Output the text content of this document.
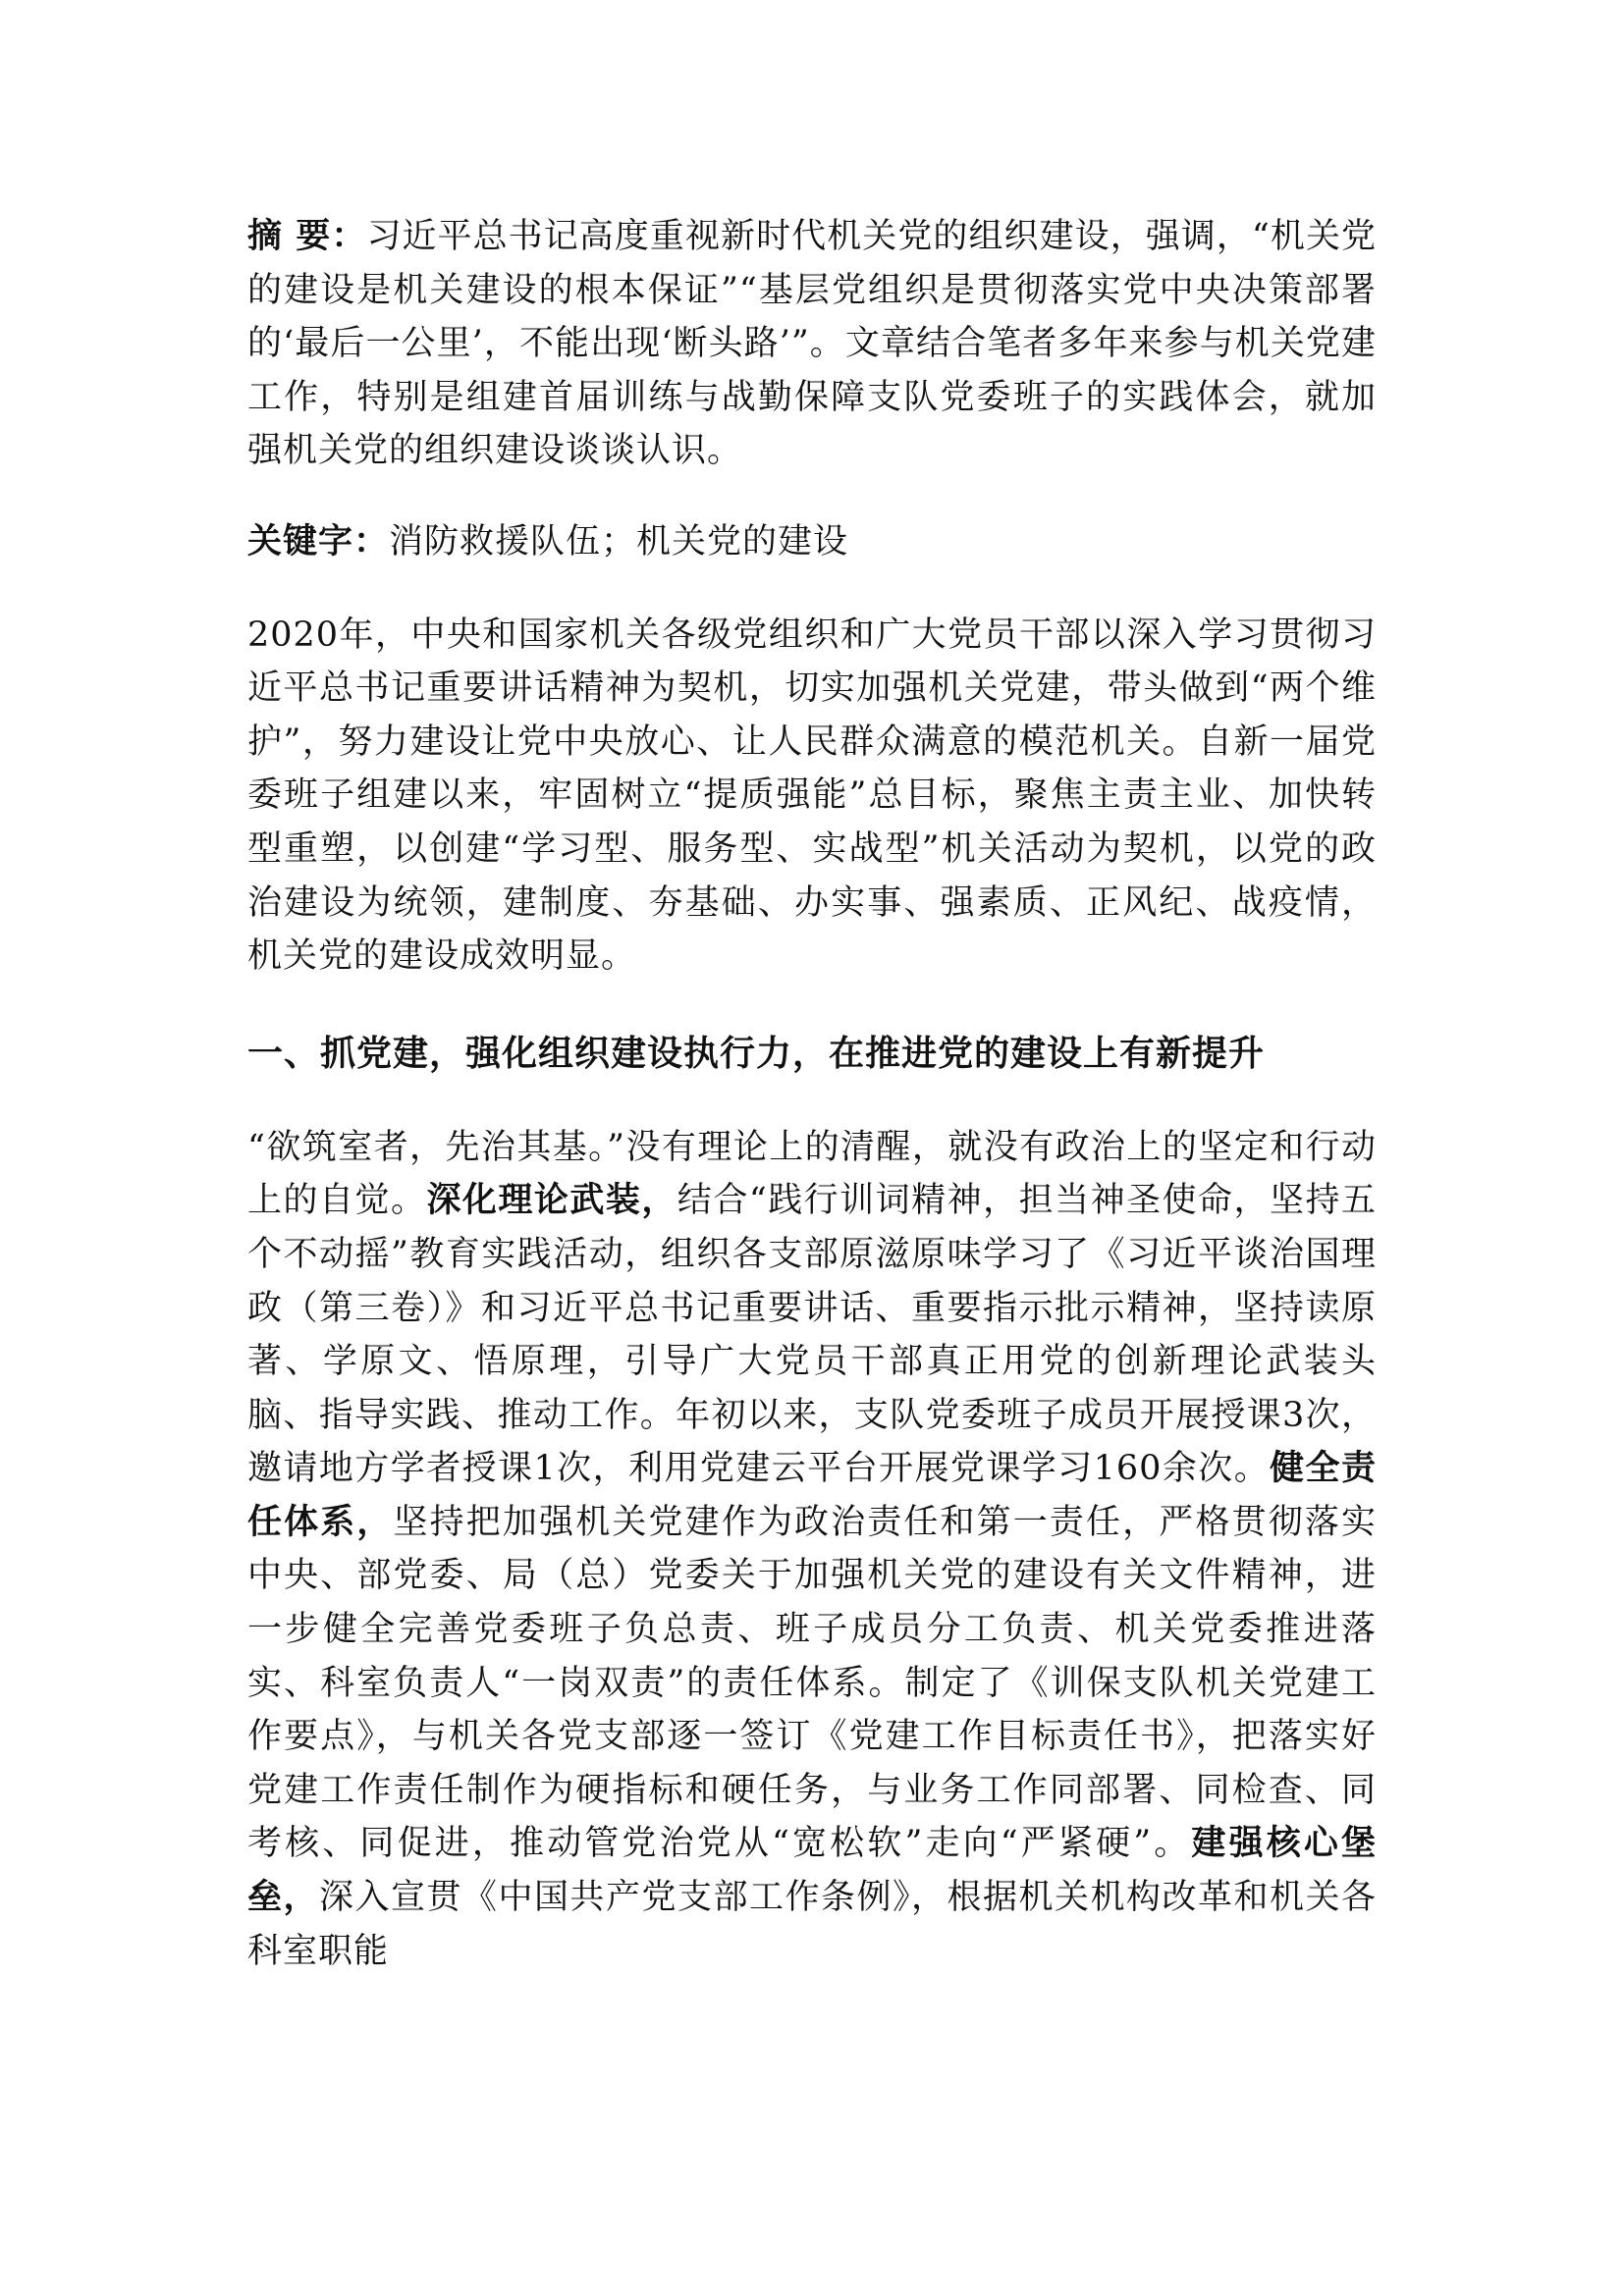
摘 要：习近平总书记高度重视新时代机关党的组织建设，强调，“机关党的建设是机关建设的根本保证”“基层党组织是贯彻落实党中央决策部署的‘最后一公里’，不能出现‘断头路’”。文章结合笔者多年来参与机关党建工作，特别是组建首届训练与战勤保障支队党委班子的实践体会，就加强机关党的组织建设谈谈认识。

关键字：消防救援队伍；机关党的建设

2020年，中央和国家机关各级党组织和广大党员干部以深入学习贯彻习近平总书记重要讲话精神为契机，切实加强机关党建，带头做到“两个维护”，努力建设让党中央放心、让人民群众满意的模范机关。自新一届党委班子组建以来，牢固树立“提质强能”总目标，聚焦主责主业、加快转型重塑，以创建“学习型、服务型、实战型”机关活动为契机，以党的政治建设为统领，建制度、夯基础、办实事、强素质、正风纪、战疫情，机关党的建设成效明显。

一、抓党建，强化组织建设执行力，在推进党的建设上有新提升

“欲筑室者，先治其基。”没有理论上的清醒，就没有政治上的坚定和行动上的自觉。深化理论武装，结合“践行训词精神，担当神圣使命，坚持五个不动摇”教育实践活动，组织各支部原滋原味学习了《习近平谈治国理政（第三卷）》和习近平总书记重要讲话、重要指示批示精神，坚持读原著、学原文、悟原理，引导广大党员干部真正用党的创新理论武装头脑、指导实践、推动工作。年初以来，支队党委班子成员开展授课3次，邀请地方学者授课1次，利用党建云平台开展党课学习160余次。健全责任体系，坚持把加强机关党建作为政治责任和第一责任，严格贯彻落实中央、部党委、局（总）党委关于加强机关党的建设有关文件精神，进一步健全完善党委班子负总责、班子成员分工负责、机关党委推进落实、科室负责人“一岗双责”的责任体系。制定了《训保支队机关党建工作要点》，与机关各党支部逐一签订《党建工作目标责任书》，把落实好党建工作责任制作为硬指标和硬任务，与业务工作同部署、同检查、同考核、同促进，推动管党治党从“宽松软”走向“严紧硬”。建强核心堡垒，深入宣贯《中国共产党支部工作条例》，根据机关机构改革和机关各科室职能
